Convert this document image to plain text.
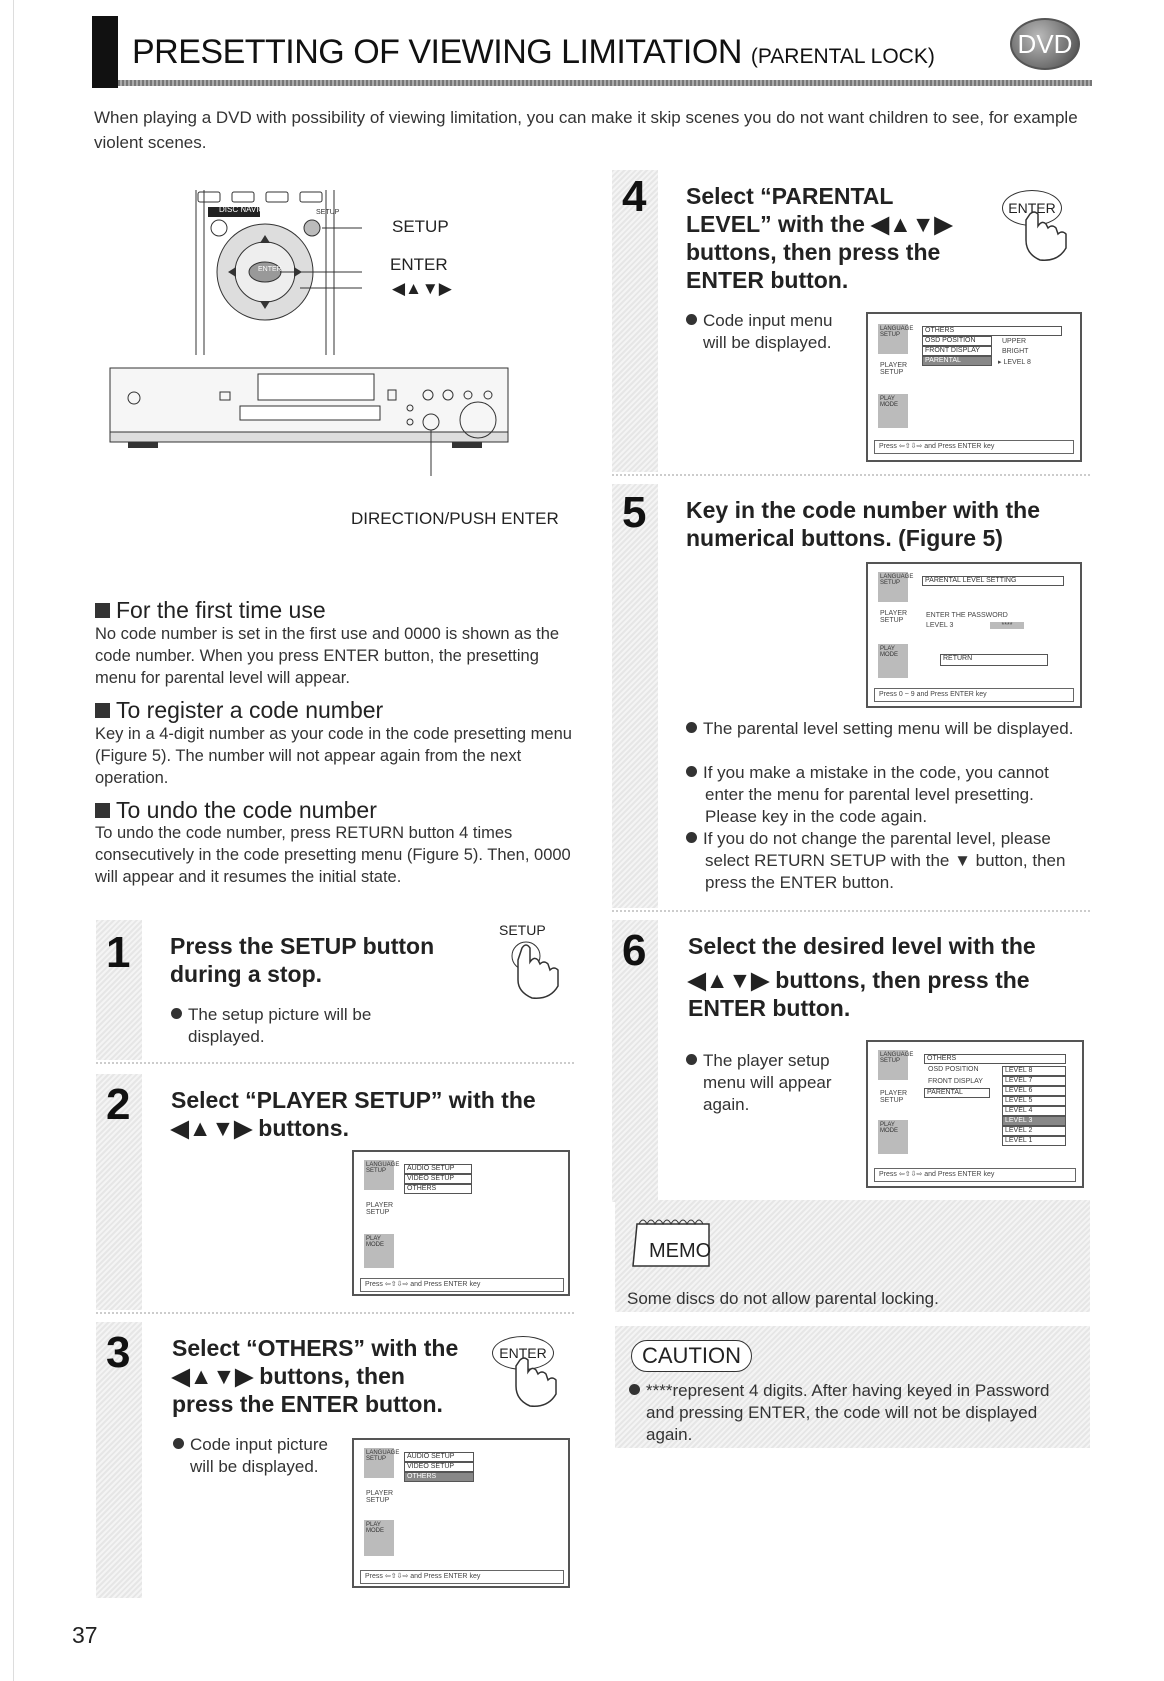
PRESETTING OF VIEWING LIMITATION (PARENTAL LOCK)	DVD
When playing a DVD with possibility of viewing limitation, you can make it skip scenes you do not want children to see, for example violent scenes.
DISC NAVIGATION	SETUP
ENTER
SETUP
ENTER
◀▲▼▶
DIRECTION/PUSH ENTER
For the first time use
No code number is set in the first use and 0000 is shown as the code number. When you press ENTER button, the presetting menu for parental level will appear.
To register a code number
Key in a 4-digit number as your code in the code presetting menu (Figure 5). The number will not appear again from the next operation.
To undo the code number
To undo the code number, press RETURN button 4 times consecutively in the code presetting menu (Figure 5). Then, 0000 will appear and it resumes the initial state.
1 Press the SETUP button
during a stop.
The setup picture will be
displayed.
SETUP
2 Select “PLAYER SETUP” with the
◀▲▼▶ buttons.
LANGUAGE SETUP
PLAYER SETUP
PLAY MODE
AUDIO SETUP
VIDEO SETUP
OTHERS
Press ⇦⇧⇩⇨ and Press ENTER key
3 Select “OTHERS” with the
◀▲▼▶ buttons, then
press the ENTER button.
ENTER
Code input picture
will be displayed.
LANGUAGE SETUP
PLAYER SETUP
PLAY MODE
AUDIO SETUP
VIDEO SETUP
OTHERS
Press ⇦⇧⇩⇨ and Press ENTER key
4 Select “PARENTAL
LEVEL” with the ◀▲▼▶
buttons, then press the
ENTER button.
ENTER
Code input menu
will be displayed.
LANGUAGE SETUP
PLAYER SETUP
PLAY MODE
OTHERS
OSD POSITION
FRONT DISPLAY
PARENTAL
UPPER
BRIGHT
▸ LEVEL 8
Press ⇦⇧⇩⇨ and Press ENTER key
5 Key in the code number with the
numerical buttons. (Figure 5)
LANGUAGE SETUP
PLAYER SETUP
PLAY MODE
PARENTAL LEVEL SETTING
ENTER THE PASSWORD
LEVEL 3	****
RETURN
Press 0 ~ 9 and Press ENTER key
The parental level setting menu will be displayed.
If you make a mistake in the code, you cannot enter the menu for parental level presetting. Please key in the code again.
If you do not change the parental level, please select RETURN SETUP with the ▼ button, then press the ENTER button.
6 Select the desired level with the
◀▲▼▶ buttons, then press the
ENTER button.
The player setup
menu will appear
again.
LANGUAGE SETUP
PLAYER SETUP
PLAY MODE
OTHERS
OSD POSITION
FRONT DISPLAY
PARENTAL
LEVEL 8
LEVEL 7
LEVEL 6
LEVEL 5
LEVEL 4
LEVEL 3
LEVEL 2
LEVEL 1
Press ⇦⇧⇩⇨ and Press ENTER key
MEMO
Some discs do not allow parental locking.
CAUTION
****represent 4 digits. After having keyed in Password
and pressing ENTER, the code will not be displayed
again.
37
